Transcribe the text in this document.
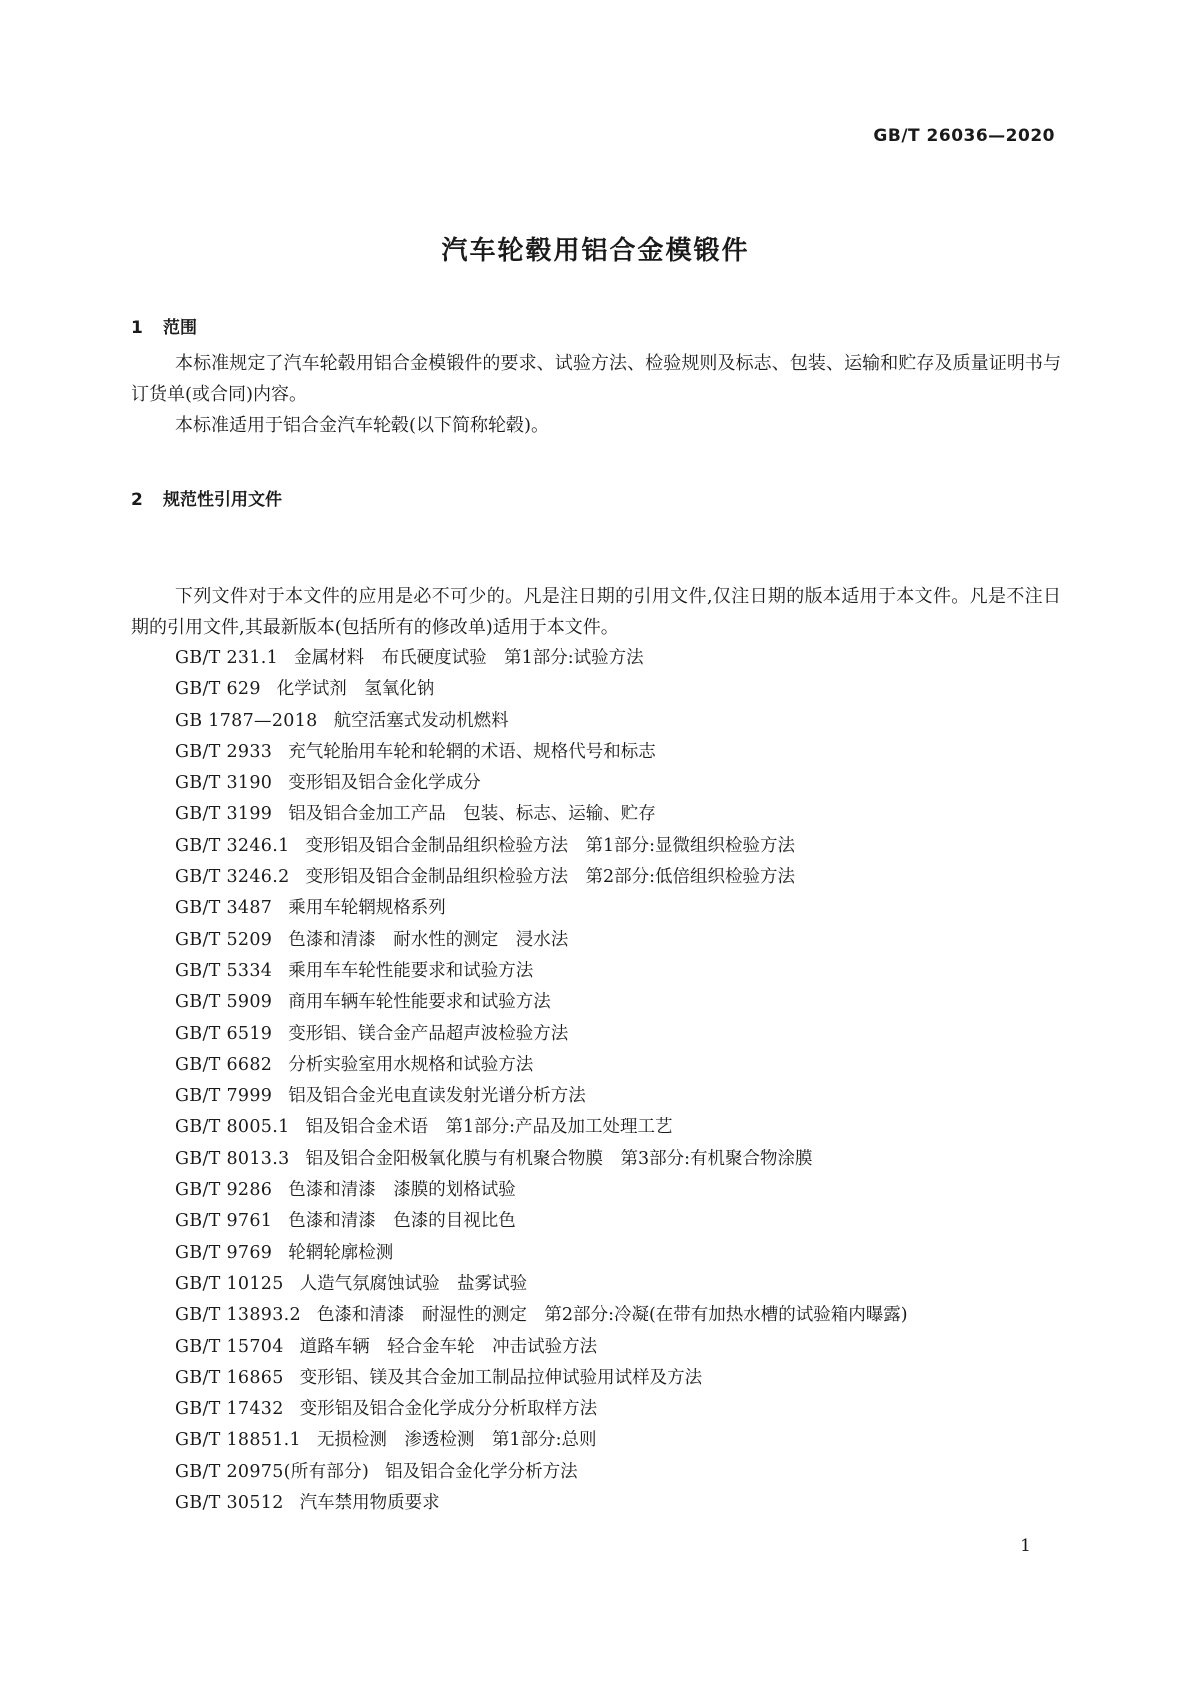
GB/T 26036—2020
汽车轮毂用铝合金模锻件
1 范围

本标准规定了汽车轮毂用铝合金模锻件的要求、试验方法、检验规则及标志、包装、运输和贮存及质量证明书与订货单(或合同)内容。

本标准适用于铝合金汽车轮毂(以下简称轮毂)。

2 规范性引用文件

下列文件对于本文件的应用是必不可少的。凡是注日期的引用文件,仅注日期的版本适用于本文件。凡是不注日期的引用文件,其最新版本(包括所有的修改单)适用于本文件。

GB/T 231.1 金属材料　布氏硬度试验　第1部分:试验方法
GB/T 629 化学试剂　氢氧化钠
GB 1787—2018 航空活塞式发动机燃料
GB/T 2933 充气轮胎用车轮和轮辋的术语、规格代号和标志
GB/T 3190 变形铝及铝合金化学成分
GB/T 3199 铝及铝合金加工产品　包装、标志、运输、贮存
GB/T 3246.1 变形铝及铝合金制品组织检验方法　第1部分:显微组织检验方法
GB/T 3246.2 变形铝及铝合金制品组织检验方法　第2部分:低倍组织检验方法
GB/T 3487 乘用车轮辋规格系列
GB/T 5209 色漆和清漆　耐水性的测定　浸水法
GB/T 5334 乘用车车轮性能要求和试验方法
GB/T 5909 商用车辆车轮性能要求和试验方法
GB/T 6519 变形铝、镁合金产品超声波检验方法
GB/T 6682 分析实验室用水规格和试验方法
GB/T 7999 铝及铝合金光电直读发射光谱分析方法
GB/T 8005.1 铝及铝合金术语　第1部分:产品及加工处理工艺
GB/T 8013.3 铝及铝合金阳极氧化膜与有机聚合物膜　第3部分:有机聚合物涂膜
GB/T 9286 色漆和清漆　漆膜的划格试验
GB/T 9761 色漆和清漆　色漆的目视比色
GB/T 9769 轮辋轮廓检测
GB/T 10125 人造气氛腐蚀试验　盐雾试验
GB/T 13893.2 色漆和清漆　耐湿性的测定　第2部分:冷凝(在带有加热水槽的试验箱内曝露)
GB/T 15704 道路车辆　轻合金车轮　冲击试验方法
GB/T 16865 变形铝、镁及其合金加工制品拉伸试验用试样及方法
GB/T 17432 变形铝及铝合金化学成分分析取样方法
GB/T 18851.1 无损检测　渗透检测　第1部分:总则
GB/T 20975(所有部分) 铝及铝合金化学分析方法
GB/T 30512 汽车禁用物质要求
1
